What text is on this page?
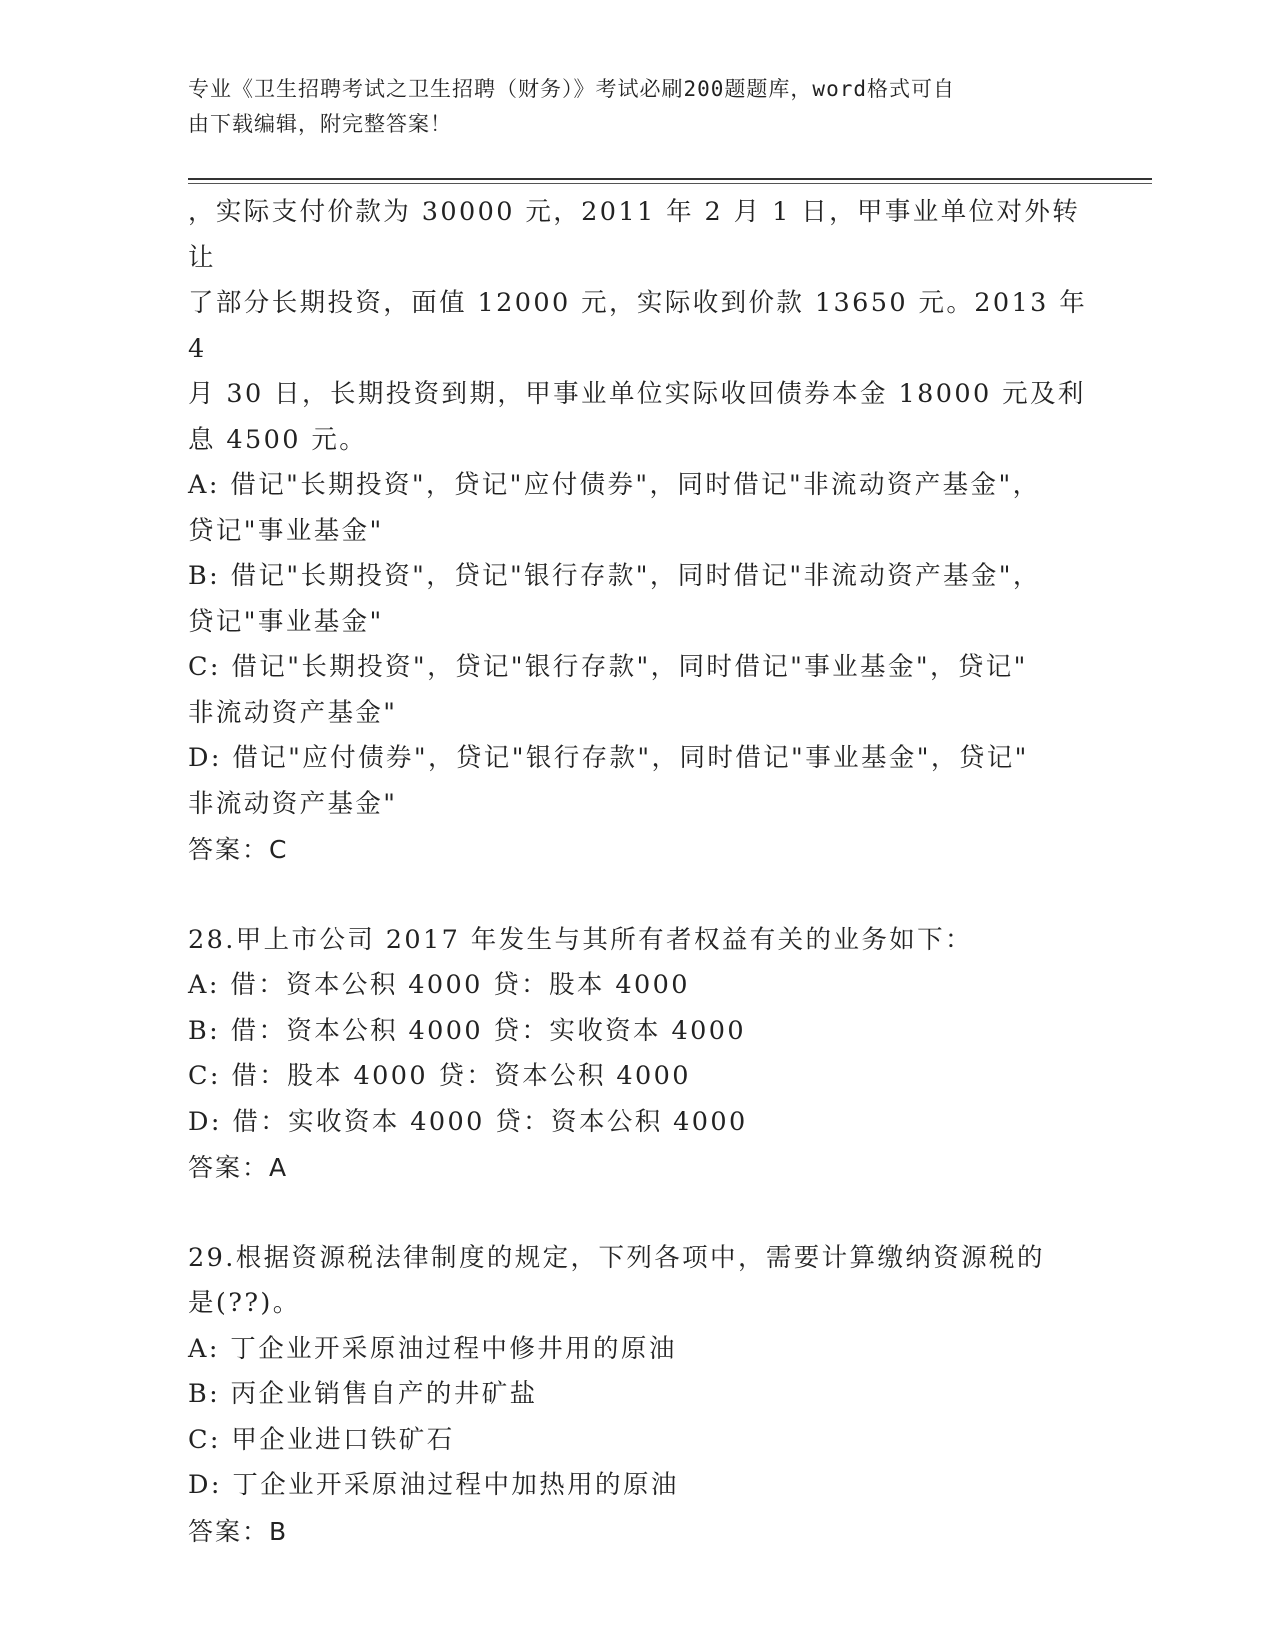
专业《卫生招聘考试之卫生招聘（财务）》考试必刷200题题库，word格式可自
由下载编辑，附完整答案！

，实际支付价款为 30000 元，2011 年 2 月 1 日，甲事业单位对外转让

了部分长期投资，面值 12000 元，实际收到价款 13650 元。2013 年 4

月 30 日，长期投资到期，甲事业单位实际收回债券本金 18000 元及利

息 4500 元。

A: 借记"长期投资"，贷记"应付债券"，同时借记"非流动资产基金"，

贷记"事业基金"

B: 借记"长期投资"，贷记"银行存款"，同时借记"非流动资产基金"，

贷记"事业基金"

C: 借记"长期投资"，贷记"银行存款"，同时借记"事业基金"，贷记"

非流动资产基金"

D: 借记"应付债券"，贷记"银行存款"，同时借记"事业基金"，贷记"

非流动资产基金"

答案：C

28.甲上市公司 2017 年发生与其所有者权益有关的业务如下：

A: 借：资本公积 4000 贷：股本 4000

B: 借：资本公积 4000 贷：实收资本 4000

C: 借：股本 4000 贷：资本公积 4000

D: 借：实收资本 4000 贷：资本公积 4000

答案：A

29.根据资源税法律制度的规定，下列各项中，需要计算缴纳资源税的

是(??)。

A: 丁企业开采原油过程中修井用的原油

B: 丙企业销售自产的井矿盐

C: 甲企业进口铁矿石

D: 丁企业开采原油过程中加热用的原油

答案：B
